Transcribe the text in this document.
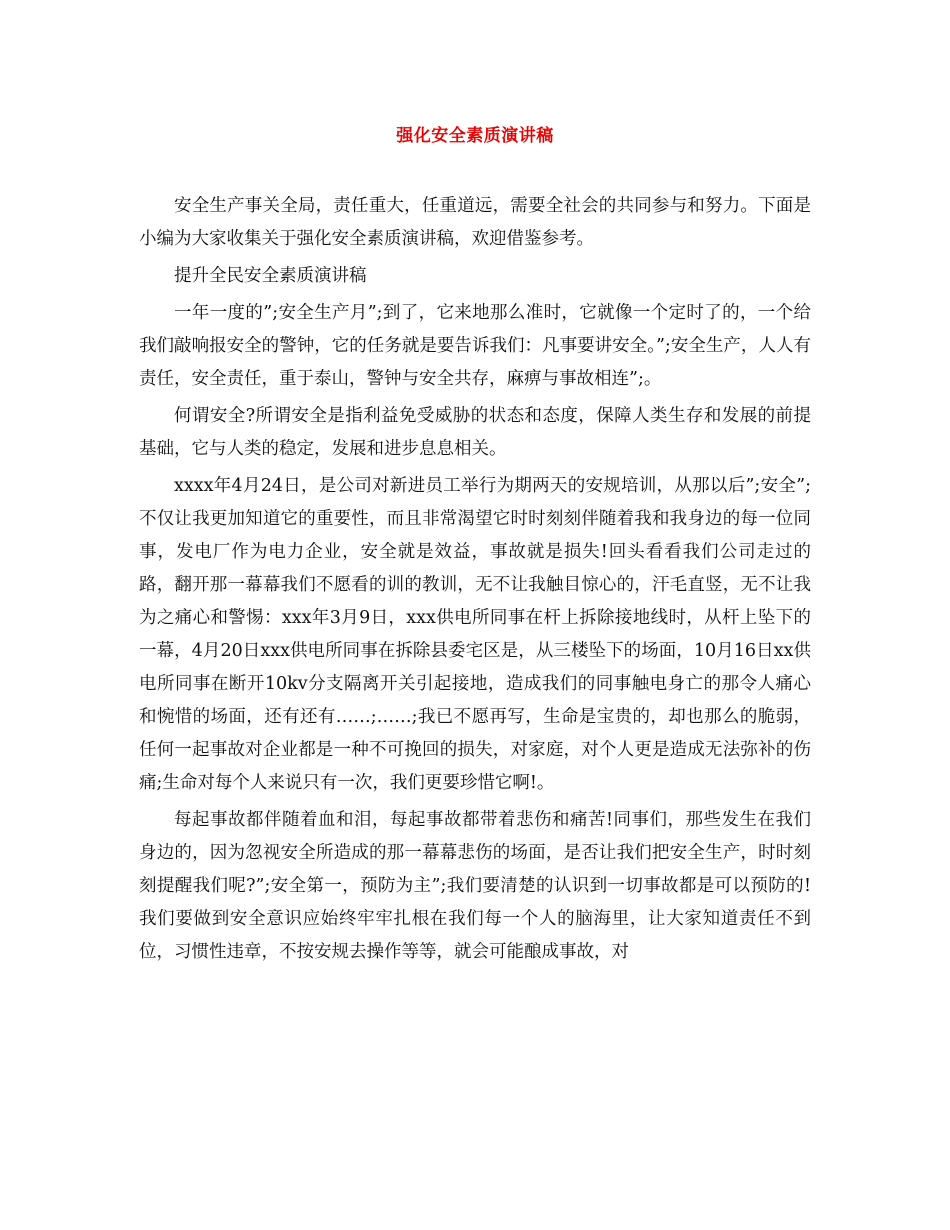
强化安全素质演讲稿

安全生产事关全局，责任重大，任重道远，需要全社会的共同参与和努力。下面是小编为大家收集关于强化安全素质演讲稿，欢迎借鉴参考。

提升全民安全素质演讲稿

一年一度的”;安全生产月”;到了，它来地那么准时，它就像一个定时了的，一个给我们敲响报安全的警钟，它的任务就是要告诉我们：凡事要讲安全。”;安全生产，人人有责任，安全责任，重于泰山，警钟与安全共存，麻痹与事故相连”;。

何谓安全?所谓安全是指利益免受威胁的状态和态度，保障人类生存和发展的前提基础，它与人类的稳定，发展和进步息息相关。

xxxx年4月24日，是公司对新进员工举行为期两天的安规培训，从那以后”;安全”;不仅让我更加知道它的重要性，而且非常渴望它时时刻刻伴随着我和我身边的每一位同事，发电厂作为电力企业，安全就是效益，事故就是损失!回头看看我们公司走过的路，翻开那一幕幕我们不愿看的训的教训，无不让我触目惊心的，汗毛直竖，无不让我为之痛心和警惕：xxx年3月9日，xxx供电所同事在杆上拆除接地线时，从杆上坠下的一幕，4月20日xxx供电所同事在拆除县委宅区是，从三楼坠下的场面，10月16日xx供电所同事在断开10kv分支隔离开关引起接地，造成我们的同事触电身亡的那令人痛心和惋惜的场面，还有还有……;……;我已不愿再写，生命是宝贵的，却也那么的脆弱，任何一起事故对企业都是一种不可挽回的损失，对家庭，对个人更是造成无法弥补的伤痛;生命对每个人来说只有一次，我们更要珍惜它啊!。

每起事故都伴随着血和泪，每起事故都带着悲伤和痛苦!同事们，那些发生在我们身边的，因为忽视安全所造成的那一幕幕悲伤的场面，是否让我们把安全生产，时时刻刻提醒我们呢?”;安全第一，预防为主”;我们要清楚的认识到一切事故都是可以预防的!我们要做到安全意识应始终牢牢扎根在我们每一个人的脑海里，让大家知道责任不到位，习惯性违章，不按安规去操作等等，就会可能酿成事故，对
